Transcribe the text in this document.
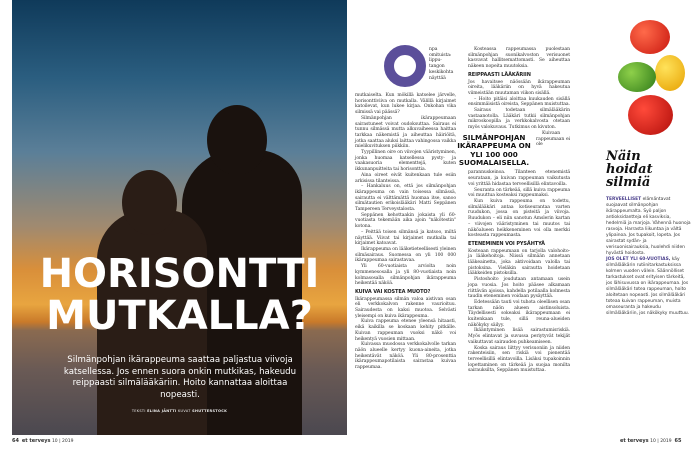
HORISONTTI
MUTKALLA?
Silmänpohjan ikärappeuma saattaa paljastua viivoja katsellessa. Jos ennen suora onkin mutkikas, hakeudu reippaasti silmälääkäriin. Hoito kannattaa aloittaa nopeasti.
TEKSTI ELINA JÄNTTI KUVAT SHUTTERSTOCK
64 et terveys 10 | 2019

npa omituista: lippu-tangon keskikohta näyttää mutkaiselta. Kun mökillä katselee järvelle, horisonttiviiva on mutkalla. Välillä kirjaimet katoilevat, kun lukee kirjaa. Onkohan vika silmissä vai päässä?

Silmänpohjan ikärappeumaan sairastuneet voivat oudoksuttaa. Sairaus ei tunnu silmässä mutta alkuvaiheessa haittaa tarkkaa näkemistä ja aiheuttaa häiriöitä, jotka saattaa aluksi laittaa vahingossa vaikka mielikuvituksen piikkiin.

Tyypillinen oire on viivojen vääristyminen, jonka huomaa katsellessa pysty- ja vaakasuoria elementtejä, kuten ikkunanpuitteita tai horisonttia.

Aina oireet eivät kuitenkaan tule esiin arkisissa tilanteissa.

– Hankaluus on, että jos silmänpohjan ikärappeuma on vain toisessa silmässä, sairautta ei välttämättä huomaa itse, sanoo silmätautien erikoislääkäri Matti Seppänen Tampereen Terveystalosta.

Seppänen kehottaakin jokaista yli 60-vuotiasta tekemään aika ajoin "näkötestin" kotona.

– Peittää toisen silmänsä ja katsoo, miltä näyttää. Viivat tai kirjaimet mutkalla tai kirjaimet katoavat.

Ikärappeuma on lääketieteellisesti yleinen silmäsairaus. Suomessa on yli 100 000 ikärappeumaa sairastavaa.

Yli 60-vuotiaista arviolta noin kymmenesosalla ja yli 80-vuotiaista noin kolmasosalla silmänpohjan ikärappeuma heikentää näköä.

KUIVA VAI KOSTEA MUOTO?

Ikärappeumassa silmän valoa aistivan osan eli verkkokalvon rakenne vaurioituu. Sairaudesta on kaksi muotoa. Selvästi yleisempi on kuiva ikärappeuma.

Kuiva rappeuma etenee yleensä hitaasti, eikä kaikilla se koskaan kehity pitkälle. Kuivan rappeuman vuoksi näkö voi heikentyä vuosien mittaan.

Kuivassa muodossa verkkokalvolle tarkan näön alueelle kertyy kuona-aineita, jotka heikentävät näköä. Yli 80-prosenttia ikärappeumapotilaista sairastaa kuivaa rappeumaa.

Kosteassa rappeumassa puolestaan silmänpohjan suonikalvoston verisuonet kasvavat hallitsemattomasti. Se aiheuttaa näkeen nopeita muutoksia.

REIPPAASTI LÄÄKÄRIIN

Jos havaitsee näössään ikärappeuman oireita, lääkäriin on hyvä hakeutua viimeistään muutaman viikon sisällä.

– Hoito pitäisi aloittaa kuukauden sisällä ensimmäisistä oireista, Seppänen muistuttaa.

Sairaus todetaan silmälääkärin vastaanotolla. Lääkäri tutkii silmänpohjan mikroskoopilla ja verkkokalvosta otetaan myös valokuvaus. Tutkimus on kivuton.

SILMÄNPOHJAN IKÄRAPPEUMA ON YLI 100 000 SUOMALAISELLA.

Kuivaan rappeumaan ei ole parannuskeinoa. Tilanteen etenemistä seurataan, ja kuivan rappeuman vaikutusta voi yrittää hidastaa terveellisillä elintavoilla.

Seuranta on tärkeää, sillä kuiva rappeuma voi muuttua kosteaksi rappeumaksi.

Kun kuiva rappeuma on todettu, silmälääkäri antaa kotiseurantaa varten ruudukon, jossa on pisteitä ja viivoja. Ruudukon – eli niin sanotun Amslerin kartan – viivojen vääristyminen tai muutos tai näköalueen heikkeneminen voi olla merkki kosteasta rappeumasta.

ETENEMINEN VOI PYSÄHTYÄ

Kosteaan rappeumaan on tarjolla valohoito- ja lääkehoitoja. Niissä silmään annetaan lääkeainetta, joka aktivoidaan valolla tai pistoksina. Vieläkin sairautta hoidetaan lääkkeiden pistoksilla.

Pistoshoito joudutaan antamaan usein jopa vuosia. Jos hoito pääsee alkamaan riittävän ajoissa, kahdella potilaalla kolmesta taudin eteneminen voidaan pysäyttää.

Edetessään tauti voi tuhota oleellisen osan tarkan näön alueen aistinsoluista. Täydellisesti sokeaksi ikärappeumaan ei kuitenkaan tule, sillä reuna-alueiden näkökyky säilyy.

Ikääntyminen lisää sairastumisriskiä. Myös elintavat ja suvussa periytyvät tekijät vaikuttavat sairauden puhkeamiseen.

Koska sairaus liittyy verisuoniin ja niiden rakenteisiin, sen riskiä voi pienentää terveellisillä elintavoilla. Lisäksi tupakoinnin lopettaminen on tärkeää ja suojaa monilta sairauksilta, Seppänen muistuttaa.

Näin hoidat silmiä

TERVEELLISET elämäntavat suojaavat silmänpohjan ikärappeumalta. Syö paljon antioksidantteja eli kasviksia, hedelmiä ja marjoja. Vähennä huonoja rasvoja. Harrasta liikuntaa ja vältä ylipainoa. Jos tupakoit, lopeta. Jos sairastat sydän- ja verisuonisairauksia, huolehdi niiden hyvästä hoidosta.

JOS OLET YLI 60-VUOTIAS, käy silmälääkärin rutiinitarkastuksissa kolmen vuoden välein. Säännölliset tarkastukset ovat erityisen tärkeitä, jos lähisuvussa on ikärappeumaa. Jos silmälääkäri totea rappeuman, hoito aloitetaan nopeasti. Jos silmälääkäri toteaa kuivan rappeuman, muista omaseuranta ja hakeudu silmälääkäriin, jos näkökyky muuttuu.

et terveys 10 | 2019 65
